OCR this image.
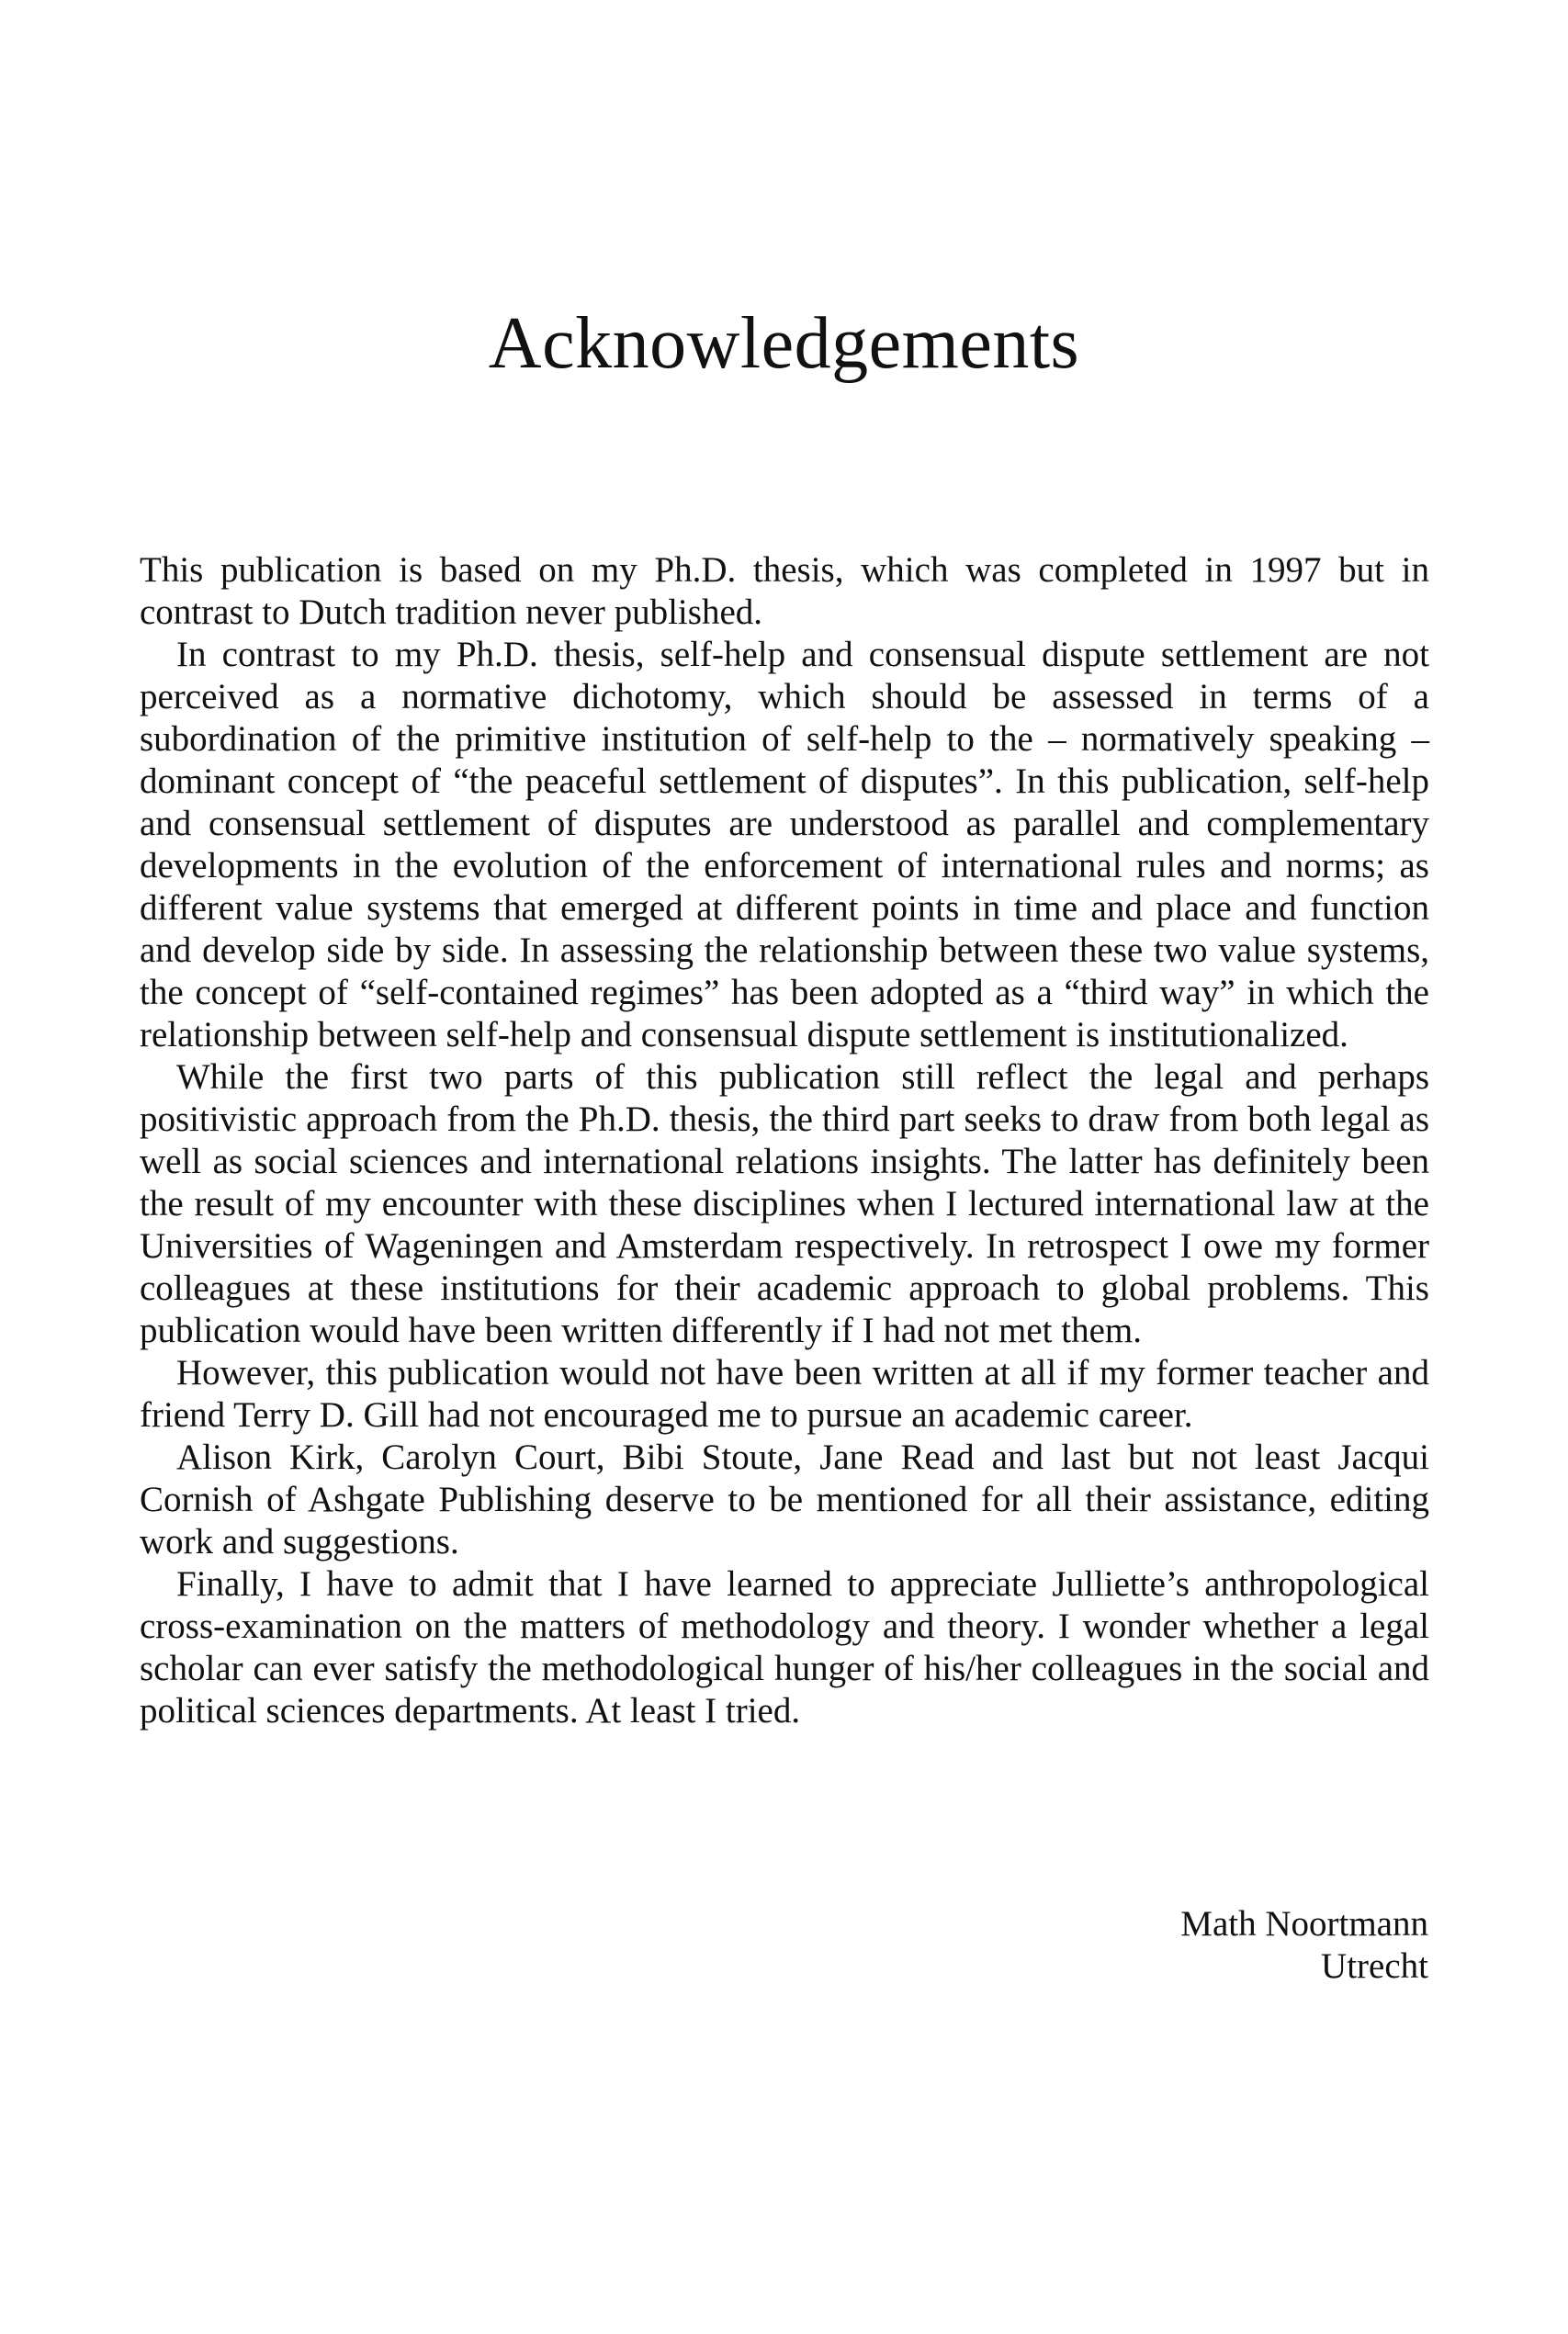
Acknowledgements

This publication is based on my Ph.D. thesis, which was completed in 1997 but in contrast to Dutch tradition never published.

In contrast to my Ph.D. thesis, self-help and consensual dispute settlement are not perceived as a normative dichotomy, which should be assessed in terms of a subordination of the primitive institution of self-help to the – normatively speaking – dominant concept of “the peaceful settlement of disputes”. In this publication, self-help and consensual settlement of disputes are understood as parallel and complementary developments in the evolution of the enforcement of international rules and norms; as different value systems that emerged at different points in time and place and function and develop side by side. In assessing the relationship between these two value systems, the concept of “self-contained regimes” has been adopted as a “third way” in which the relationship between self-help and consensual dispute settlement is institutionalized.

While the first two parts of this publication still reflect the legal and perhaps positivistic approach from the Ph.D. thesis, the third part seeks to draw from both legal as well as social sciences and international relations insights. The latter has definitely been the result of my encounter with these disciplines when I lectured international law at the Universities of Wageningen and Amsterdam respectively. In retrospect I owe my former colleagues at these institutions for their academic approach to global problems. This publication would have been written differently if I had not met them.

However, this publication would not have been written at all if my former teacher and friend Terry D. Gill had not encouraged me to pursue an academic career.

Alison Kirk, Carolyn Court, Bibi Stoute, Jane Read and last but not least Jacqui Cornish of Ashgate Publishing deserve to be mentioned for all their assistance, editing work and suggestions.

Finally, I have to admit that I have learned to appreciate Julliette’s anthropological cross-examination on the matters of methodology and theory. I wonder whether a legal scholar can ever satisfy the methodological hunger of his/her colleagues in the social and political sciences departments. At least I tried.

Math Noortmann
Utrecht
